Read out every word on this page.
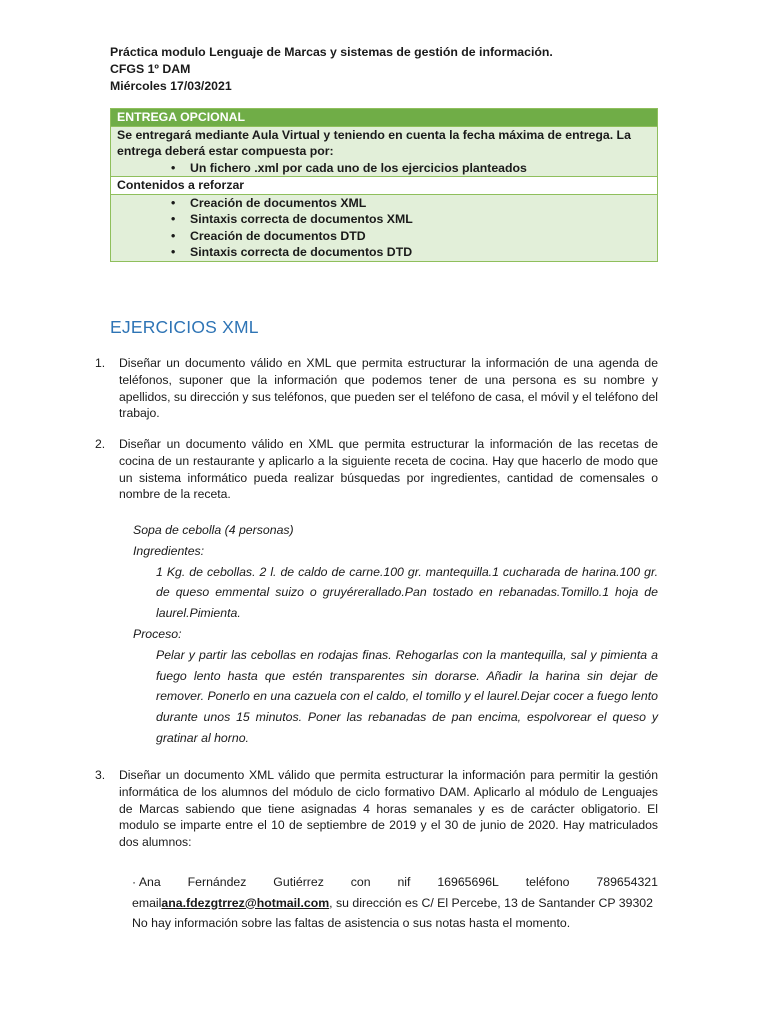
Práctica modulo Lenguaje de Marcas y sistemas de gestión de información.
CFGS 1º DAM
Miércoles 17/03/2021
ENTREGA OPCIONAL

Se entregará mediante Aula Virtual y teniendo en cuenta la fecha máxima de entrega. La entrega deberá estar compuesta por:
• Un fichero .xml por cada uno de los ejercicios planteados

Contenidos a reforzar

• Creación de documentos XML
• Sintaxis correcta de documentos XML
• Creación de documentos DTD
• Sintaxis correcta de documentos DTD
EJERCICIOS XML
1. Diseñar un documento válido en XML que permita estructurar la información de una agenda de teléfonos, suponer que la información que podemos tener de una persona es su nombre y apellidos, su dirección y sus teléfonos, que pueden ser el teléfono de casa, el móvil y el teléfono del trabajo.
2. Diseñar un documento válido en XML que permita estructurar la información de las recetas de cocina de un restaurante y aplicarlo a la siguiente receta de cocina. Hay que hacerlo de modo que un sistema informático pueda realizar búsquedas por ingredientes, cantidad de comensales o nombre de la receta.
Sopa de cebolla (4 personas)
Ingredientes:
1 Kg. de cebollas. 2 l. de caldo de carne.100 gr. mantequilla.1 cucharada de harina.100 gr. de queso emmental suizo o gruyérerallado.Pan tostado en rebanadas.Tomillo.1 hoja de laurel.Pimienta.
Proceso:
Pelar y partir las cebollas en rodajas finas. Rehogarlas con la mantequilla, sal y pimienta a fuego lento hasta que estén transparentes sin dorarse. Añadir la harina sin dejar de remover. Ponerlo en una cazuela con el caldo, el tomillo y el laurel.Dejar cocer a fuego lento durante unos 15 minutos. Poner las rebanadas de pan encima, espolvorear el queso y gratinar al horno.
3. Diseñar un documento XML válido que permita estructurar la información para permitir la gestión informática de los alumnos del módulo de ciclo formativo DAM. Aplicarlo al módulo de Lenguajes de Marcas sabiendo que tiene asignadas 4 horas semanales y es de carácter obligatorio. El modulo se imparte entre el 10 de septiembre de 2019 y el 30 de junio de 2020. Hay matriculados dos alumnos:
· Ana Fernández Gutiérrez con nif 16965696L teléfono 789654321
emailana.fdezgtrrez@hotmail.com, su dirección es C/ El Percebe, 13 de Santander CP 39302
No hay información sobre las faltas de asistencia o sus notas hasta el momento.
